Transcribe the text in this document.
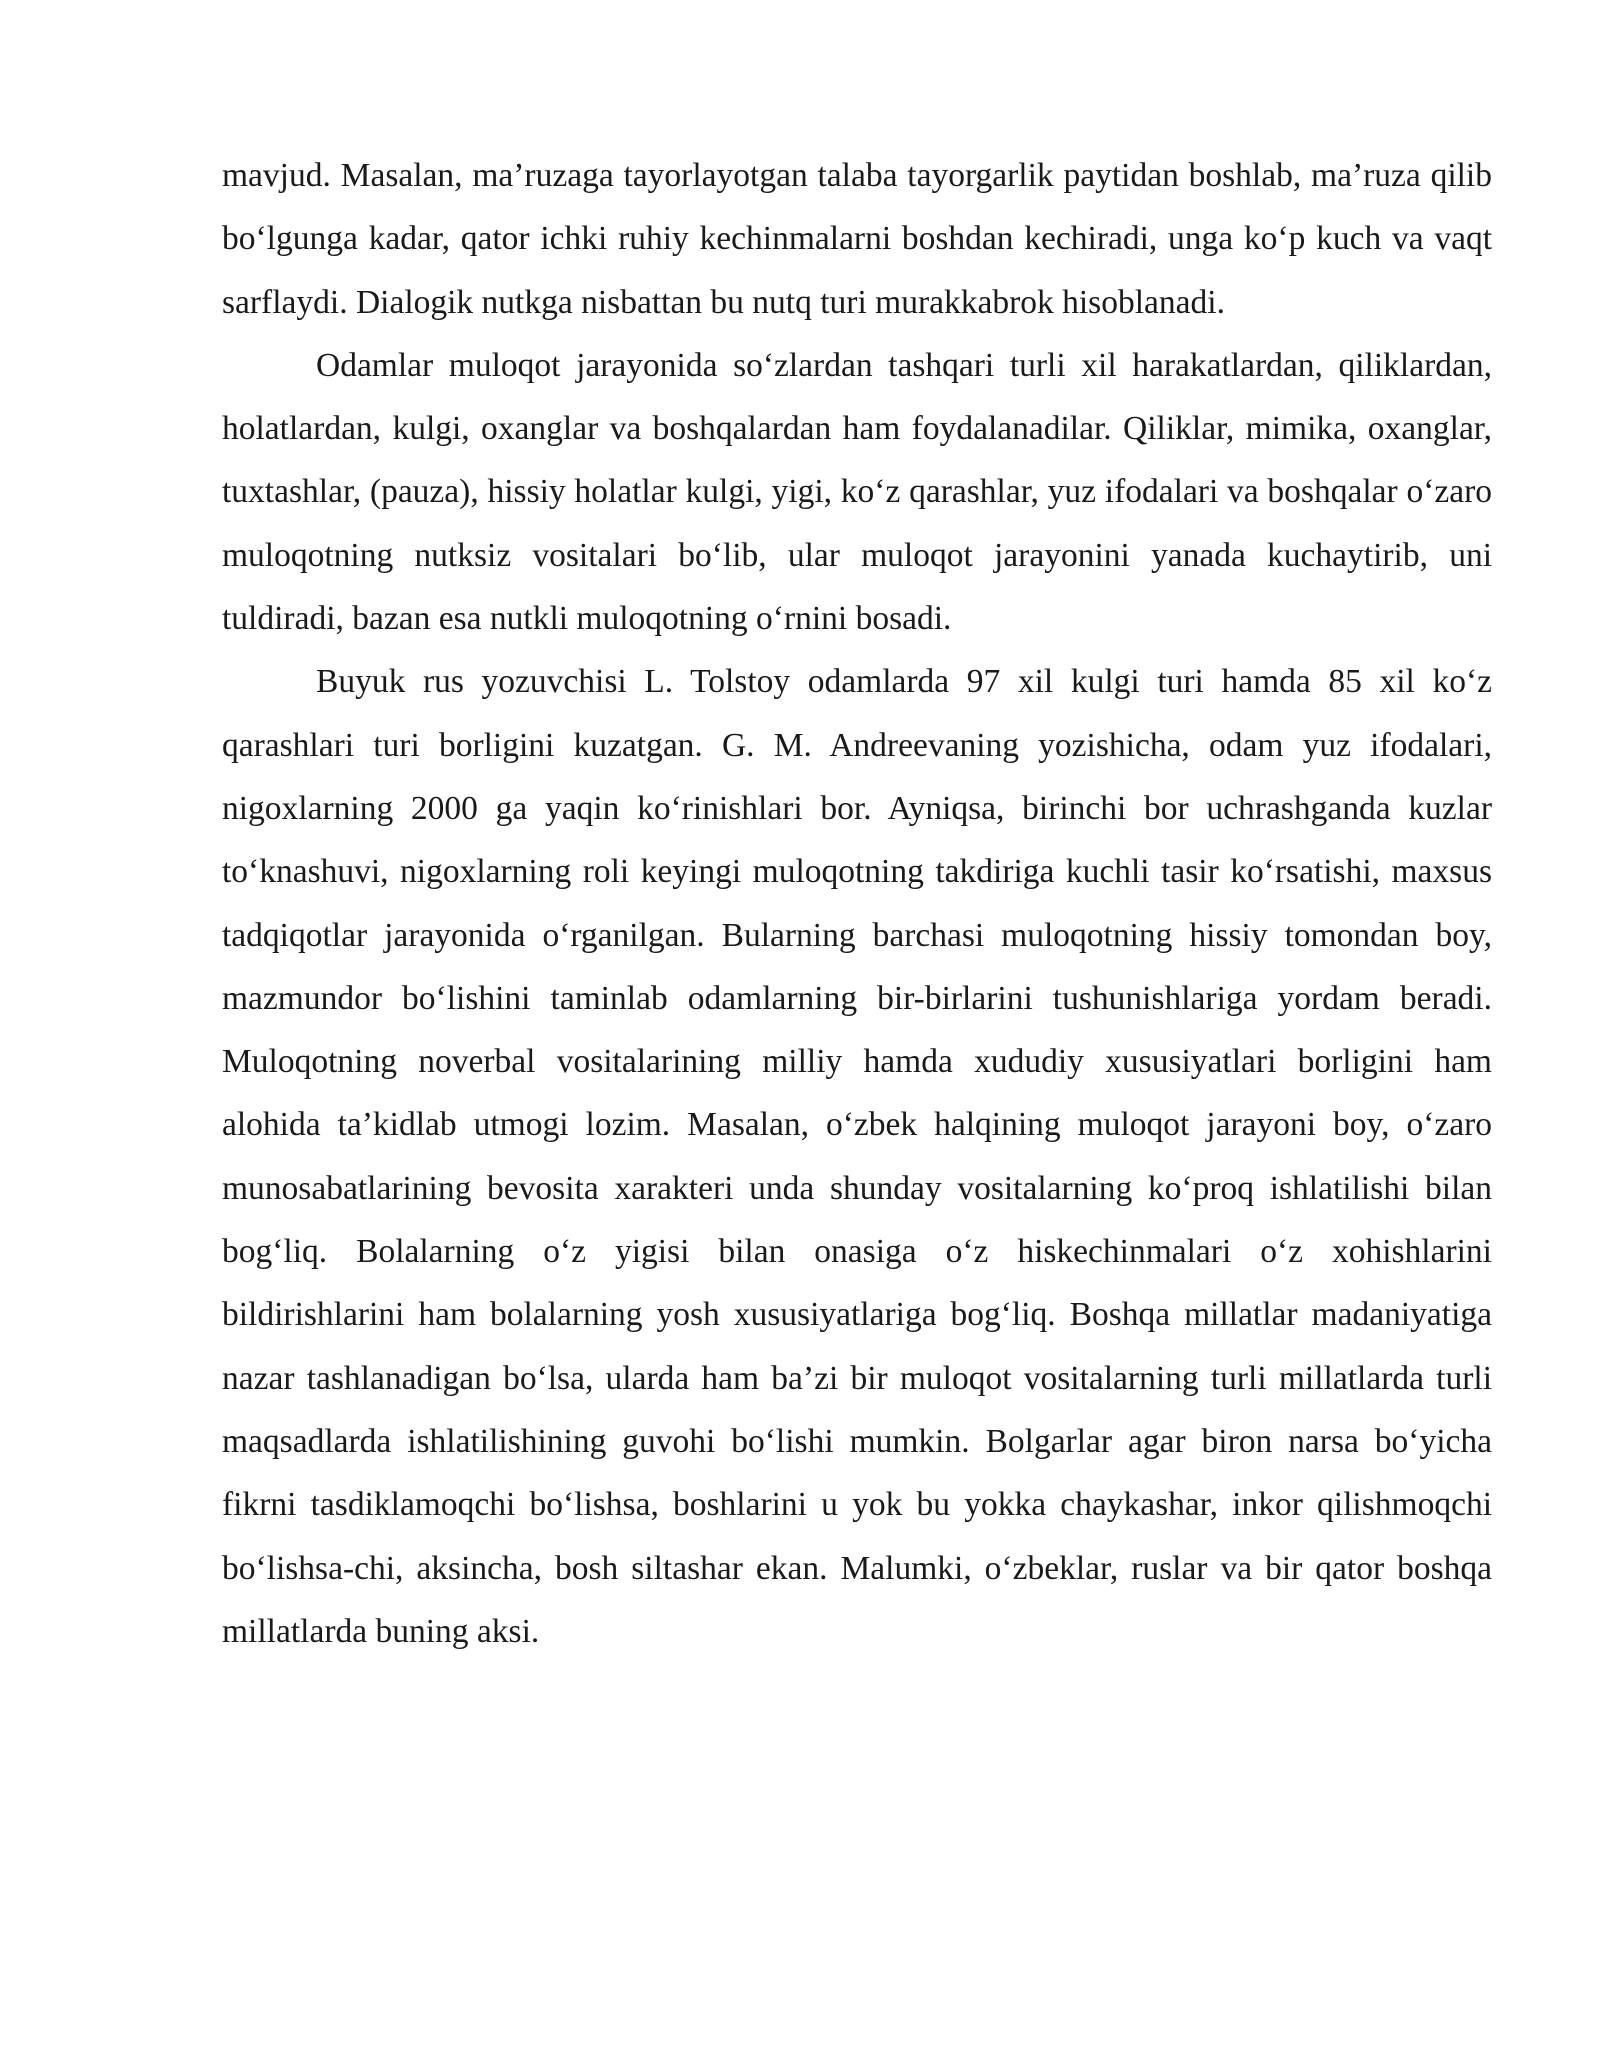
mavjud. Masalan, ma’ruzaga tayorlayotgan talaba tayorgarlik paytidan boshlab, ma’ruza qilib bo‘lgunga kadar, qator ichki ruhiy kechinmalarni boshdan kechiradi, unga ko‘p kuch va vaqt sarflaydi. Dialogik nutkga nisbattan bu nutq turi murakkabrok hisoblanadi.

Odamlar muloqot jarayonida so‘zlardan tashqari turli xil harakatlardan, qiliklardan, holatlardan, kulgi, oxanglar va boshqalardan ham foydalanadilar. Qiliklar, mimika, oxanglar, tuxtashlar, (pauza), hissiy holatlar kulgi, yigi, ko‘z qarashlar, yuz ifodalari va boshqalar o‘zaro muloqotning nutksiz vositalari bo‘lib, ular muloqot jarayonini yanada kuchaytirib, uni tuldiradi, bazan esa nutkli muloqotning o‘rnini bosadi.

Buyuk rus yozuvchisi L. Tolstoy odamlarda 97 xil kulgi turi hamda 85 xil ko‘z qarashlari turi borligini kuzatgan. G. M. Andreevaning yozishicha, odam yuz ifodalari, nigoxlarning 2000 ga yaqin ko‘rinishlari bor. Ayniqsa, birinchi bor uchrashganda kuzlar to‘knashuvi, nigoxlarning roli keyingi muloqotning takdiriga kuchli tasir ko‘rsatishi, maxsus tadqiqotlar jarayonida o‘rganilgan. Bularning barchasi muloqotning hissiy tomondan boy, mazmundor bo‘lishini taminlab odamlarning bir-birlarini tushunishlariga yordam beradi. Muloqotning noverbal vositalarining milliy hamda xududiy xususiyatlari borligini ham alohida ta’kidlab utmogi lozim. Masalan, o‘zbek halqining muloqot jarayoni boy, o‘zaro munosabatlarining bevosita xarakteri unda shunday vositalarning ko‘proq ishlatilishi bilan bog‘liq. Bolalarning o‘z yigisi bilan onasiga o‘z hiskechinmalari o‘z xohishlarini bildirishlarini ham bolalarning yosh xususiyatlariga bog‘liq. Boshqa millatlar madaniyatiga nazar tashlanadigan bo‘lsa, ularda ham ba’zi bir muloqot vositalarning turli millatlarda turli maqsadlarda ishlatilishining guvohi bo‘lishi mumkin. Bolgarlar agar biron narsa bo‘yicha fikrni tasdiklamoqchi bo‘lishsa, boshlarini u yok bu yokka chaykashar, inkor qilishmoqchi bo‘lishsa-chi, aksincha, bosh siltashar ekan. Malumki, o‘zbeklar, ruslar va bir qator boshqa millatlarda buning aksi.
